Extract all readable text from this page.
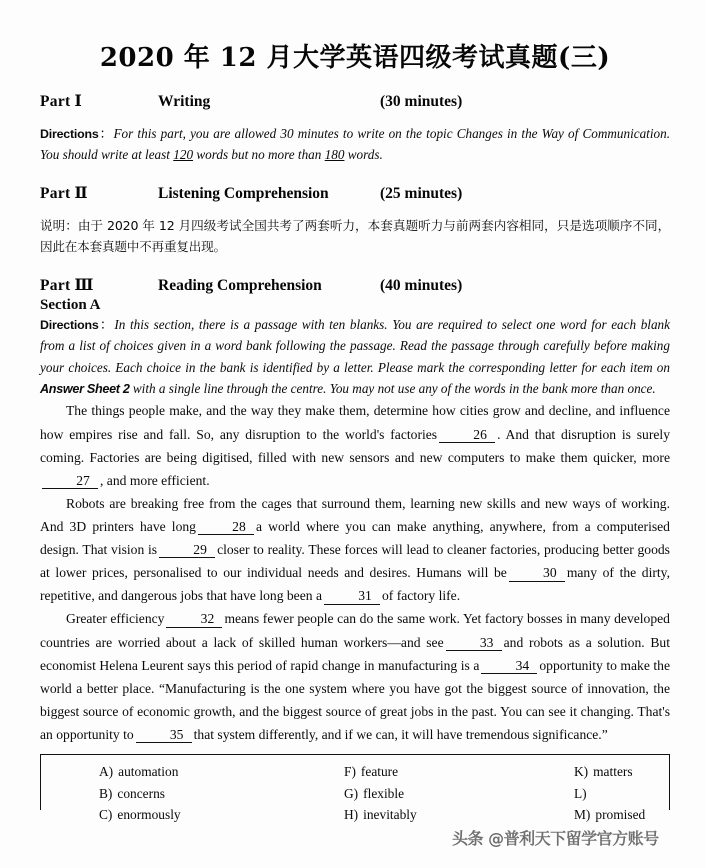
2020 年 12 月大学英语四级考试真题(三)
Part Ⅰ	Writing	(30 minutes)

Directions：For this part, you are allowed 30 minutes to write on the topic Changes in the Way of Communication. You should write at least 120 words but no more than 180 words.

Part Ⅱ	Listening Comprehension	(25 minutes)

说明：由于 2020 年 12 月四级考试全国共考了两套听力，本套真题听力与前两套内容相同，只是选项顺序不同，因此在本套真题中不再重复出现。

Part Ⅲ	Reading Comprehension	(40 minutes)
Section A

Directions：In this section, there is a passage with ten blanks. You are required to select one word for each blank from a list of choices given in a word bank following the passage. Read the passage through carefully before making your choices. Each choice in the bank is identified by a letter. Please mark the corresponding letter for each item on Answer Sheet 2 with a single line through the centre. You may not use any of the words in the bank more than once.

The things people make, and the way they make them, determine how cities grow and decline, and influence how empires rise and fall. So, any disruption to the world's factories	26 . And that disruption is surely coming. Factories are being digitised, filled with new sensors and new computers to make them quicker, more27 , and more efficient.

Robots are breaking free from the cages that surround them, learning new skills and new ways of working. And 3D printers have long	28 a world where you can make anything, anywhere, from a computerised design. That vision is	29 closer to reality. These forces will lead to cleaner factories, producing better goods at lower prices, personalised to our individual needs and desires. Humans will be	30 many of the dirty, repetitive, and dangerous jobs that have long been a	31 of factory life.

Greater efficiency	32 means fewer people can do the same work. Yet factory bosses in many developed countries are worried about a lack of skilled human workers—and see	33 and robots as a solution. But economist Helena Leurent says this period of rapid change in manufacturing is a	34 opportunity to make the world a better place. “Manufacturing is the one system where you have got the biggest source of innovation, the biggest source of economic growth, and the biggest source of great jobs in the past. You can see it changing. That's an opportunity to	35 that system differently, and if we can, it will have tremendous significance.”

A) automation	F) feature	K) matters
B) concerns	G) flexible	L)
C) enormously	H) inevitably	M) promised
头条 @普利天下留学官方账号
